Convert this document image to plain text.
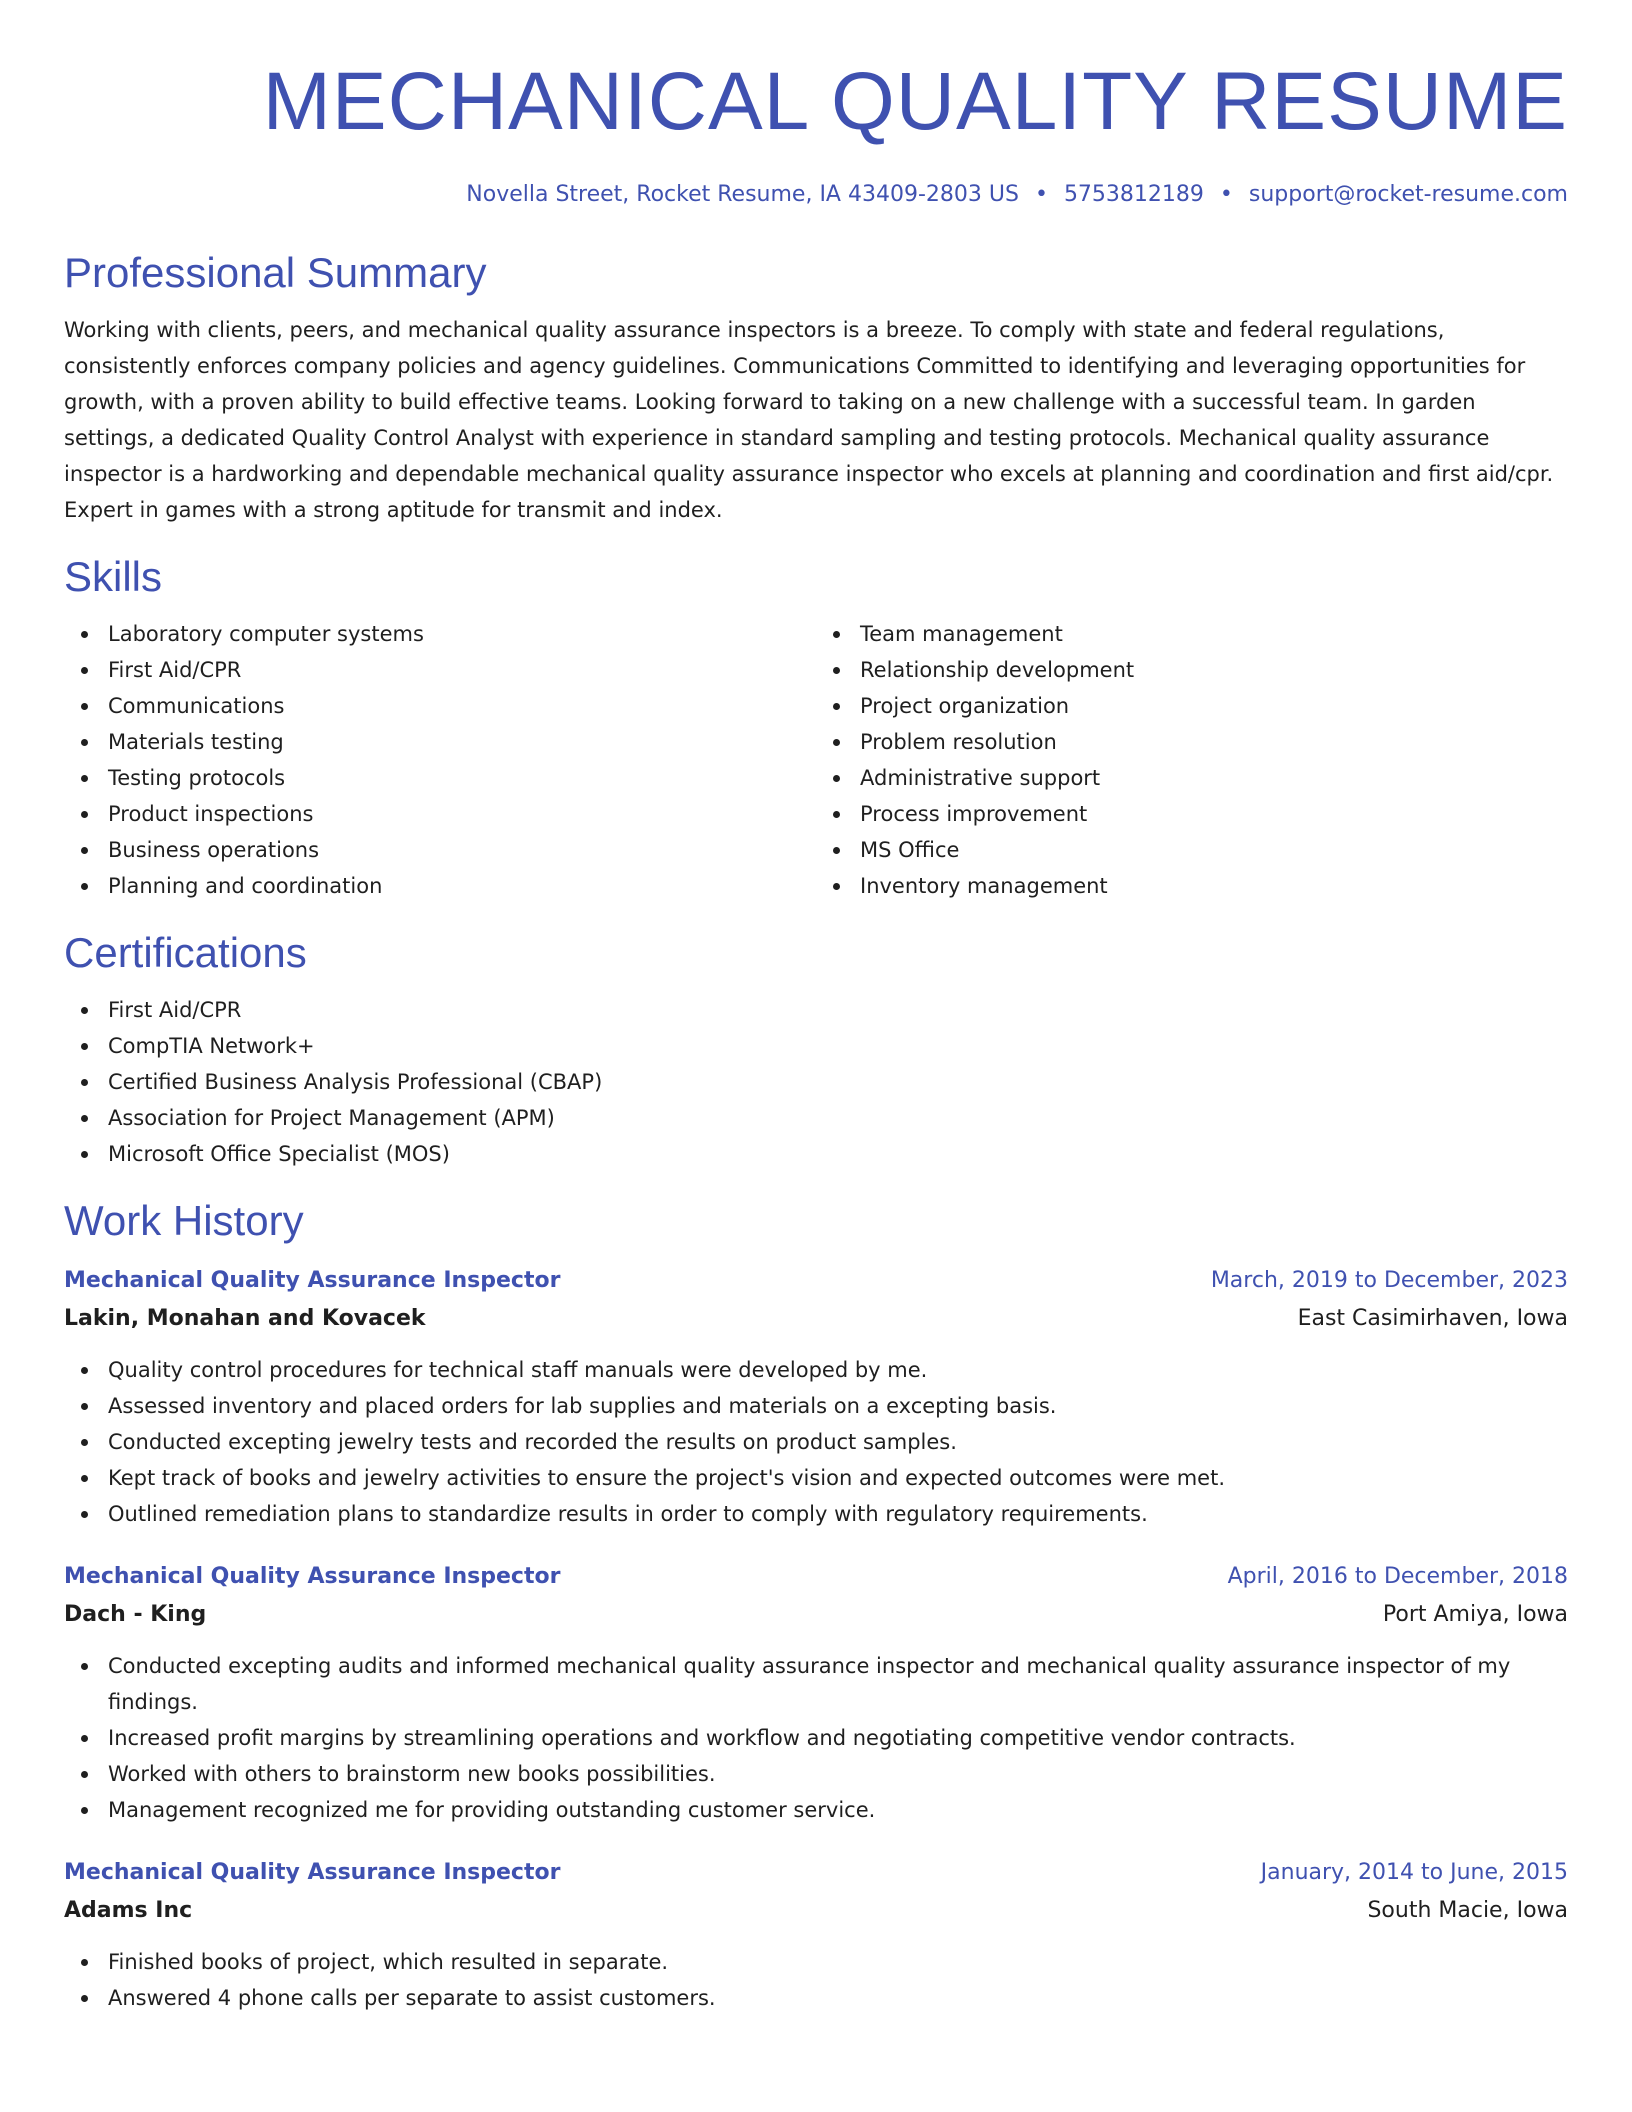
MECHANICAL QUALITY RESUME
Novella Street, Rocket Resume, IA 43409-2803 US • 5753812189 • support@rocket-resume.com
Professional Summary
Working with clients, peers, and mechanical quality assurance inspectors is a breeze. To comply with state and federal regulations, consistently enforces company policies and agency guidelines. Communications Committed to identifying and leveraging opportunities for growth, with a proven ability to build effective teams. Looking forward to taking on a new challenge with a successful team. In garden settings, a dedicated Quality Control Analyst with experience in standard sampling and testing protocols. Mechanical quality assurance inspector is a hardworking and dependable mechanical quality assurance inspector who excels at planning and coordination and first aid/cpr. Expert in games with a strong aptitude for transmit and index.
Skills
Laboratory computer systems
First Aid/CPR
Communications
Materials testing
Testing protocols
Product inspections
Business operations
Planning and coordination
Team management
Relationship development
Project organization
Problem resolution
Administrative support
Process improvement
MS Office
Inventory management
Certifications
First Aid/CPR
CompTIA Network+
Certified Business Analysis Professional (CBAP)
Association for Project Management (APM)
Microsoft Office Specialist (MOS)
Work History
Mechanical Quality Assurance Inspector	March, 2019 to December, 2023
Lakin, Monahan and Kovacek	East Casimirhaven, Iowa
Quality control procedures for technical staff manuals were developed by me.
Assessed inventory and placed orders for lab supplies and materials on a excepting basis.
Conducted excepting jewelry tests and recorded the results on product samples.
Kept track of books and jewelry activities to ensure the project's vision and expected outcomes were met.
Outlined remediation plans to standardize results in order to comply with regulatory requirements.
Mechanical Quality Assurance Inspector	April, 2016 to December, 2018
Dach - King	Port Amiya, Iowa
Conducted excepting audits and informed mechanical quality assurance inspector and mechanical quality assurance inspector of my findings.
Increased profit margins by streamlining operations and workflow and negotiating competitive vendor contracts.
Worked with others to brainstorm new books possibilities.
Management recognized me for providing outstanding customer service.
Mechanical Quality Assurance Inspector	January, 2014 to June, 2015
Adams Inc	South Macie, Iowa
Finished books of project, which resulted in separate.
Answered 4 phone calls per separate to assist customers.
